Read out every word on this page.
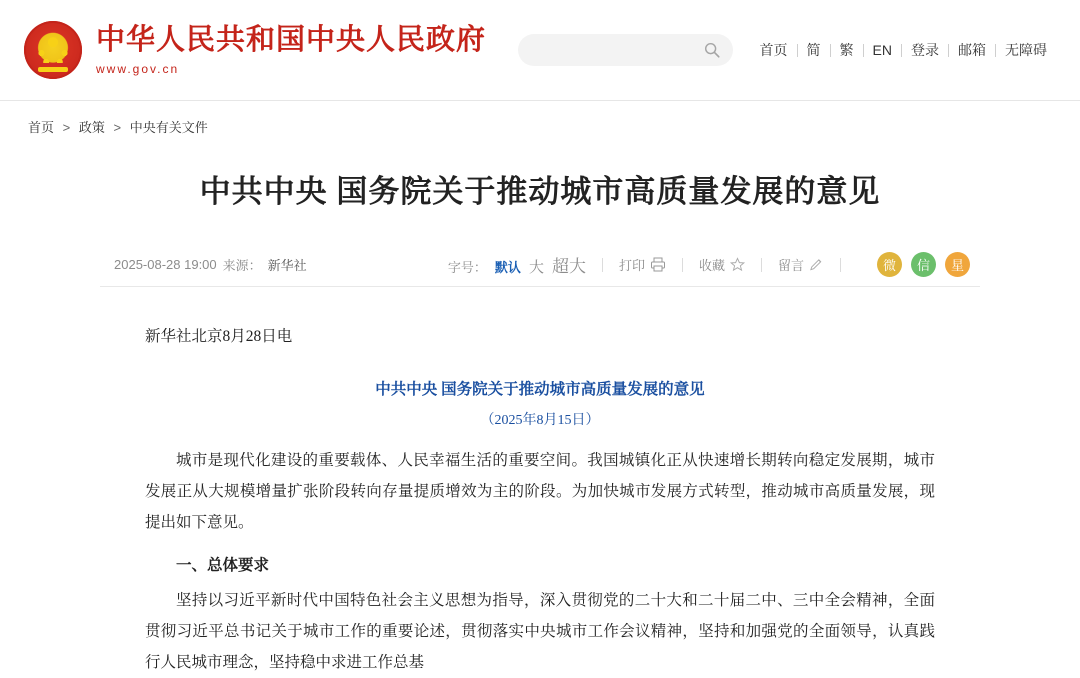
中华人民共和国中央人民政府
www.gov.cn
首页	简	繁	EN	登录	邮箱	无障碍
首页 > 政策 > 中央有关文件
中共中央 国务院关于推动城市高质量发展的意见
2025-08-28 19:00 来源： 新华社	字号： 默认 大 超大	打印	收藏	留言	微	信	星
新华社北京8月28日电
中共中央 国务院关于推动城市高质量发展的意见
（2025年8月15日）

城市是现代化建设的重要载体、人民幸福生活的重要空间。我国城镇化正从快速增长期转向稳定发展期，城市发展正从大规模增量扩张阶段转向存量提质增效为主的阶段。为加快城市发展方式转型，推动城市高质量发展，现提出如下意见。

一、总体要求

坚持以习近平新时代中国特色社会主义思想为指导，深入贯彻党的二十大和二十届二中、三中全会精神，全面贯彻习近平总书记关于城市工作的重要论述，贯彻落实中央城市工作会议精神，坚持和加强党的全面领导，认真践行人民城市理念，坚持稳中求进工作总基
